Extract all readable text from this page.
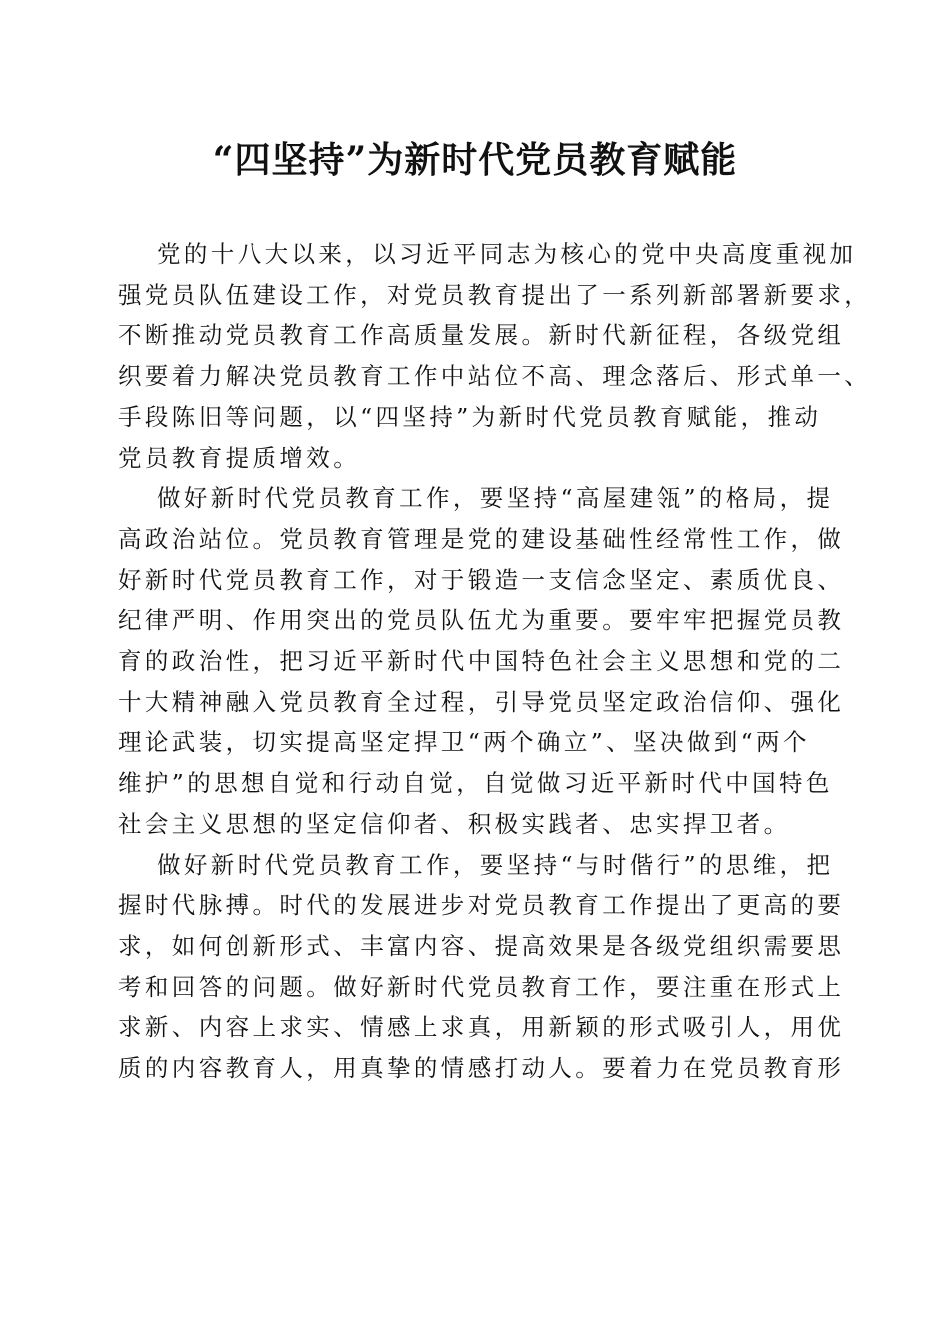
“四坚持”为新时代党员教育赋能
党的十八大以来，以习近平同志为核心的党中央高度重视加
强党员队伍建设工作，对党员教育提出了一系列新部署新要求，
不断推动党员教育工作高质量发展。新时代新征程，各级党组
织要着力解决党员教育工作中站位不高、理念落后、形式单一、
手段陈旧等问题，以“四坚持”为新时代党员教育赋能，推动
党员教育提质增效。
做好新时代党员教育工作，要坚持“高屋建瓴”的格局，提
高政治站位。党员教育管理是党的建设基础性经常性工作，做
好新时代党员教育工作，对于锻造一支信念坚定、素质优良、
纪律严明、作用突出的党员队伍尤为重要。要牢牢把握党员教
育的政治性，把习近平新时代中国特色社会主义思想和党的二
十大精神融入党员教育全过程，引导党员坚定政治信仰、强化
理论武装，切实提高坚定捍卫“两个确立”、坚决做到“两个
维护”的思想自觉和行动自觉，自觉做习近平新时代中国特色
社会主义思想的坚定信仰者、积极实践者、忠实捍卫者。
做好新时代党员教育工作，要坚持“与时偕行”的思维，把
握时代脉搏。时代的发展进步对党员教育工作提出了更高的要
求，如何创新形式、丰富内容、提高效果是各级党组织需要思
考和回答的问题。做好新时代党员教育工作，要注重在形式上
求新、内容上求实、情感上求真，用新颖的形式吸引人，用优
质的内容教育人，用真挚的情感打动人。要着力在党员教育形
